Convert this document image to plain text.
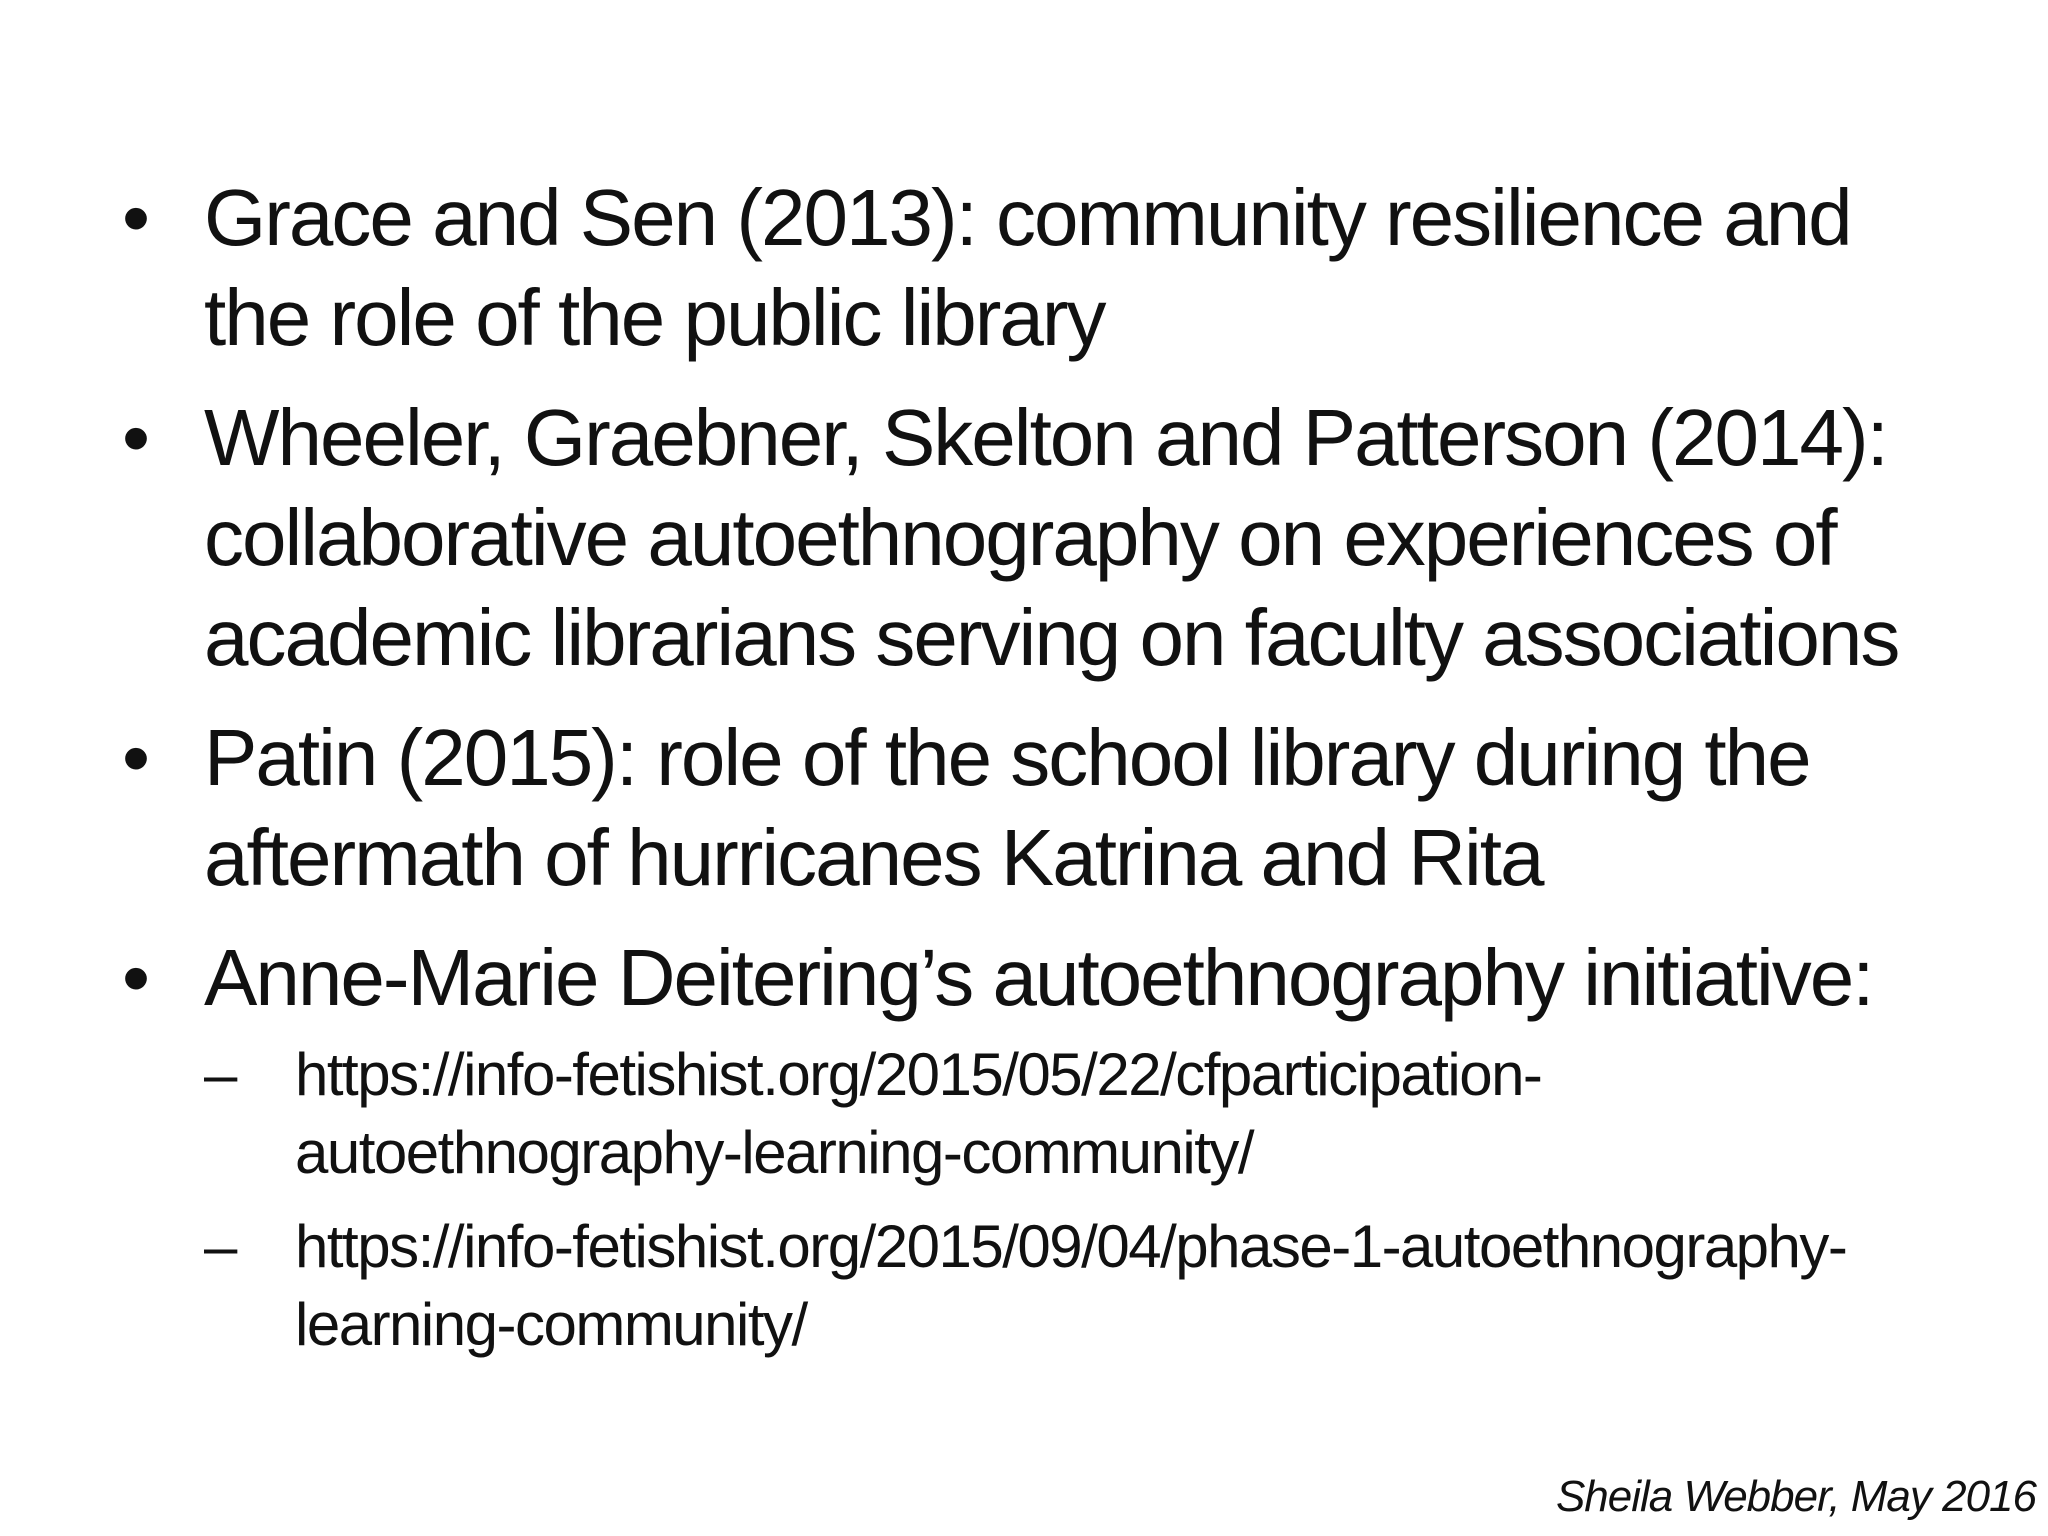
• Grace and Sen (2013): community resilience and
the role of the public library
• Wheeler, Graebner, Skelton and Patterson (2014):
collaborative autoethnography on experiences of
academic librarians serving on faculty associations
• Patin (2015): role of the school library during the
aftermath of hurricanes Katrina and Rita
• Anne-Marie Deitering’s autoethnography initiative:
– https://info-fetishist.org/2015/05/22/cfparticipation-
autoethnography-learning-community/
– https://info-fetishist.org/2015/09/04/phase-1-autoethnography-
learning-community/
Sheila Webber, May 2016
